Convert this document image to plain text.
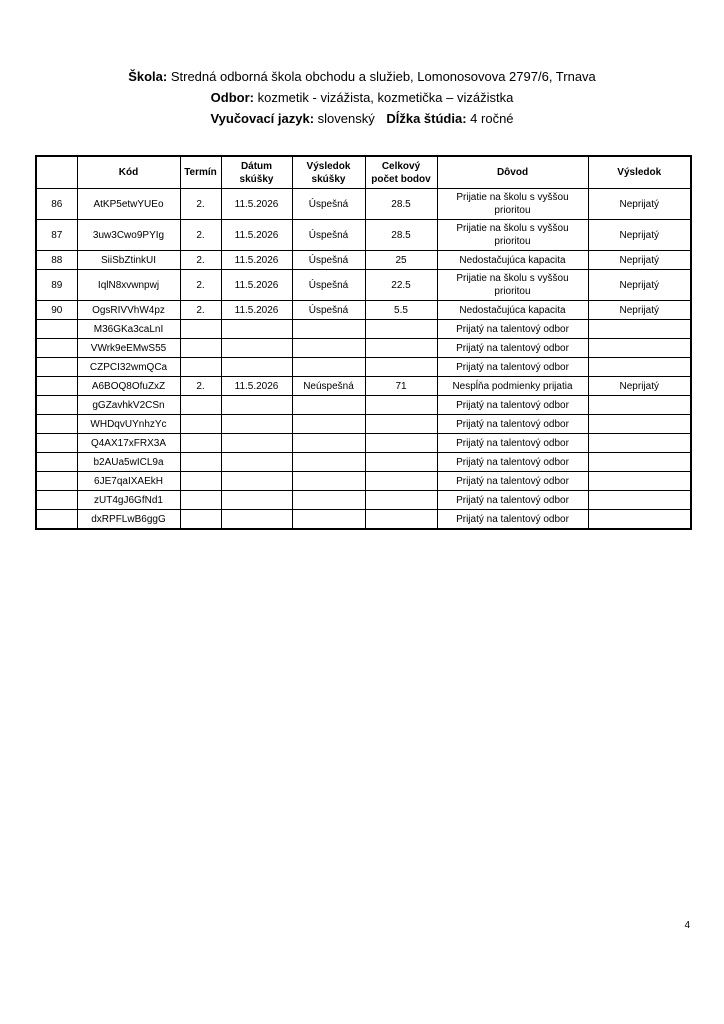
Škola: Stredná odborná škola obchodu a služieb, Lomonosovova 2797/6, Trnava
Odbor: kozmetik - vizážista, kozmetička – vizážistka
Vyučovací jazyk: slovenský Dĺžka štúdia: 4 ročné
	Kód	Termín	Dátum skúšky	Výsledok skúšky	Celkový počet bodov	Dôvod	Výsledok
86	AtKP5etwYUEo	2.	11.5.2026	Úspešná	28.5	Prijatie na školu s vyššou prioritou	Neprijatý
87	3uw3Cwo9PYIg	2.	11.5.2026	Úspešná	28.5	Prijatie na školu s vyššou prioritou	Neprijatý
88	SiiSbZtinkUI	2.	11.5.2026	Úspešná	25	Nedostačujúca kapacita	Neprijatý
89	IqlN8xvwnpwj	2.	11.5.2026	Úspešná	22.5	Prijatie na školu s vyššou prioritou	Neprijatý
90	OgsRIVVhW4pz	2.	11.5.2026	Úspešná	5.5	Nedostačujúca kapacita	Neprijatý
	M36GKa3caLnI					Prijatý na talentový odbor	
	VWrk9eEMwS55					Prijatý na talentový odbor	
	CZPCI32wmQCa					Prijatý na talentový odbor	
	A6BOQ8OfuZxZ	2.	11.5.2026	Neúspešná	71	Nespĺňa podmienky prijatia	Neprijatý
	gGZavhkV2CSn					Prijatý na talentový odbor	
	WHDqvUYnhzYc					Prijatý na talentový odbor	
	Q4AX17xFRX3A					Prijatý na talentový odbor	
	b2AUa5wICL9a					Prijatý na talentový odbor	
	6JE7qaIXAEkH					Prijatý na talentový odbor	
	zUT4gJ6GfNd1					Prijatý na talentový odbor	
	dxRPFLwB6ggG					Prijatý na talentový odbor	
4
